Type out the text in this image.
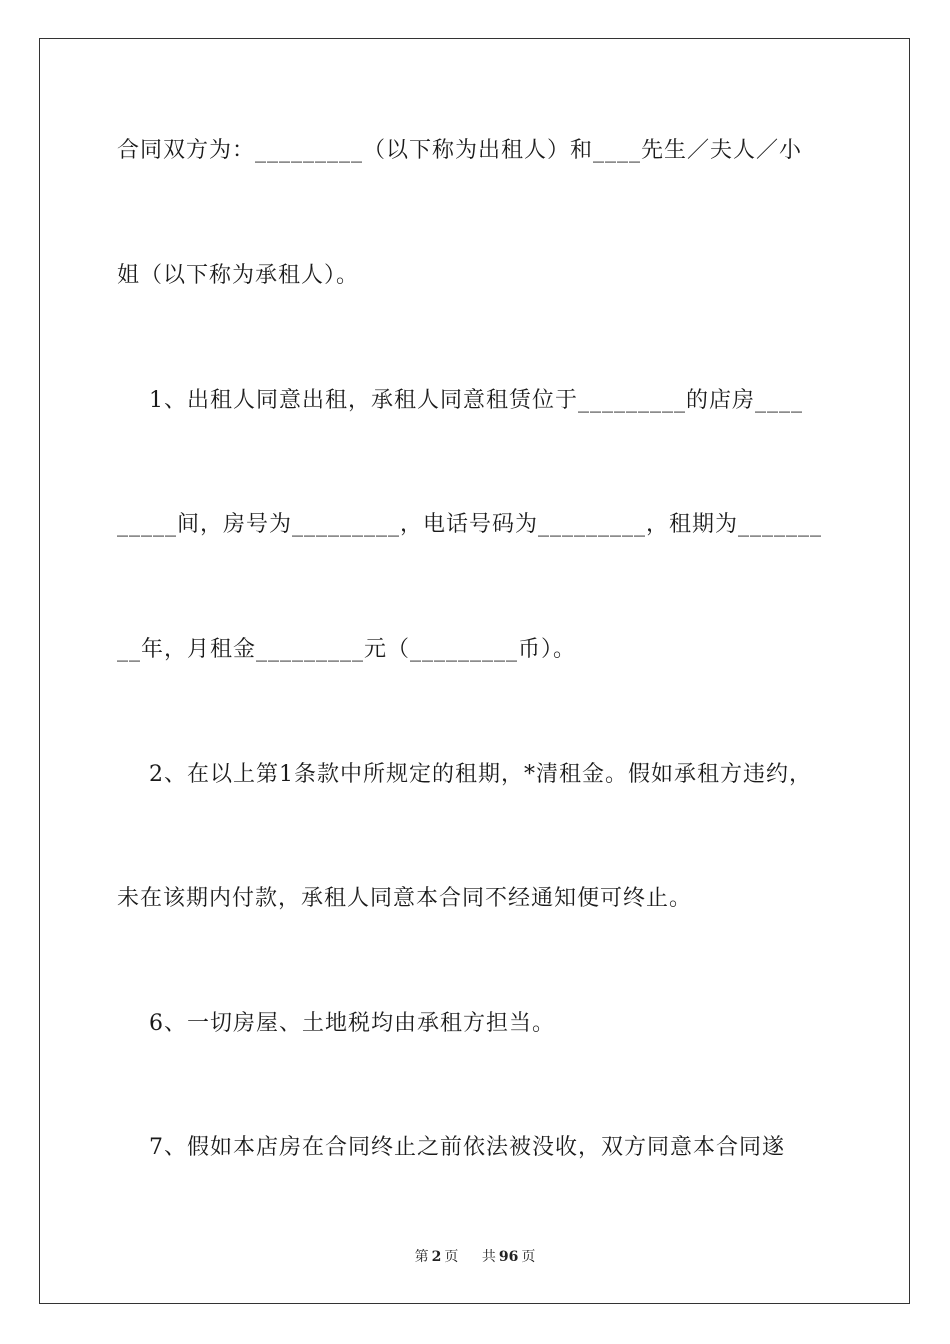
合同双方为：_________（以下称为出租人）和____先生／夫人／小
姐（以下称为承租人）。
1、出租人同意出租，承租人同意租赁位于_________的店房____
_____间，房号为_________，电话号码为_________，租期为_______
__年，月租金_________元（_________币）。
2、在以上第1条款中所规定的租期，*清租金。假如承租方违约，
未在该期内付款，承租人同意本合同不经通知便可终止。
6、一切房屋、土地税均由承租方担当。
7、假如本店房在合同终止之前依法被没收，双方同意本合同遂
第 2 页 共 96 页
